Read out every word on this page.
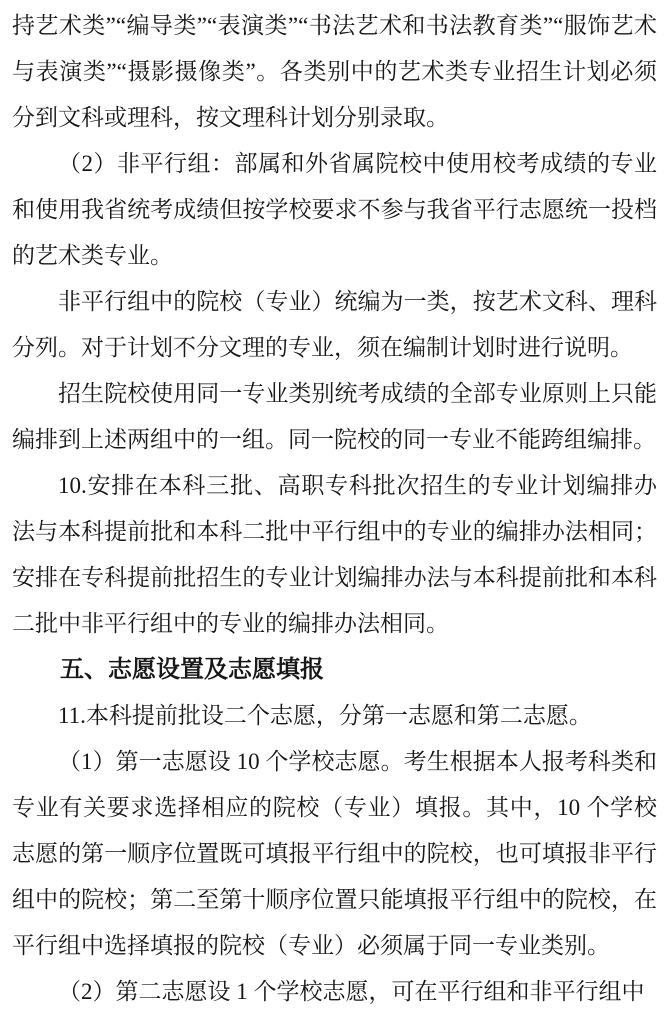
持艺术类”“编导类”“表演类”“书法艺术和书法教育类”“服饰艺术与表演类”“摄影摄像类”。各类别中的艺术类专业招生计划必须分到文科或理科，按文理科计划分别录取。

（2）非平行组：部属和外省属院校中使用校考成绩的专业和使用我省统考成绩但按学校要求不参与我省平行志愿统一投档的艺术类专业。

非平行组中的院校（专业）统编为一类，按艺术文科、理科分列。对于计划不分文理的专业，须在编制计划时进行说明。

招生院校使用同一专业类别统考成绩的全部专业原则上只能编排到上述两组中的一组。同一院校的同一专业不能跨组编排。

10.安排在本科三批、高职专科批次招生的专业计划编排办法与本科提前批和本科二批中平行组中的专业的编排办法相同；安排在专科提前批招生的专业计划编排办法与本科提前批和本科二批中非平行组中的专业的编排办法相同。

五、志愿设置及志愿填报

11.本科提前批设二个志愿，分第一志愿和第二志愿。

（1）第一志愿设 10 个学校志愿。考生根据本人报考科类和专业有关要求选择相应的院校（专业）填报。其中，10 个学校志愿的第一顺序位置既可填报平行组中的院校，也可填报非平行组中的院校；第二至第十顺序位置只能填报平行组中的院校，在平行组中选择填报的院校（专业）必须属于同一专业类别。

（2）第二志愿设 1 个学校志愿，可在平行组和非平行组中
